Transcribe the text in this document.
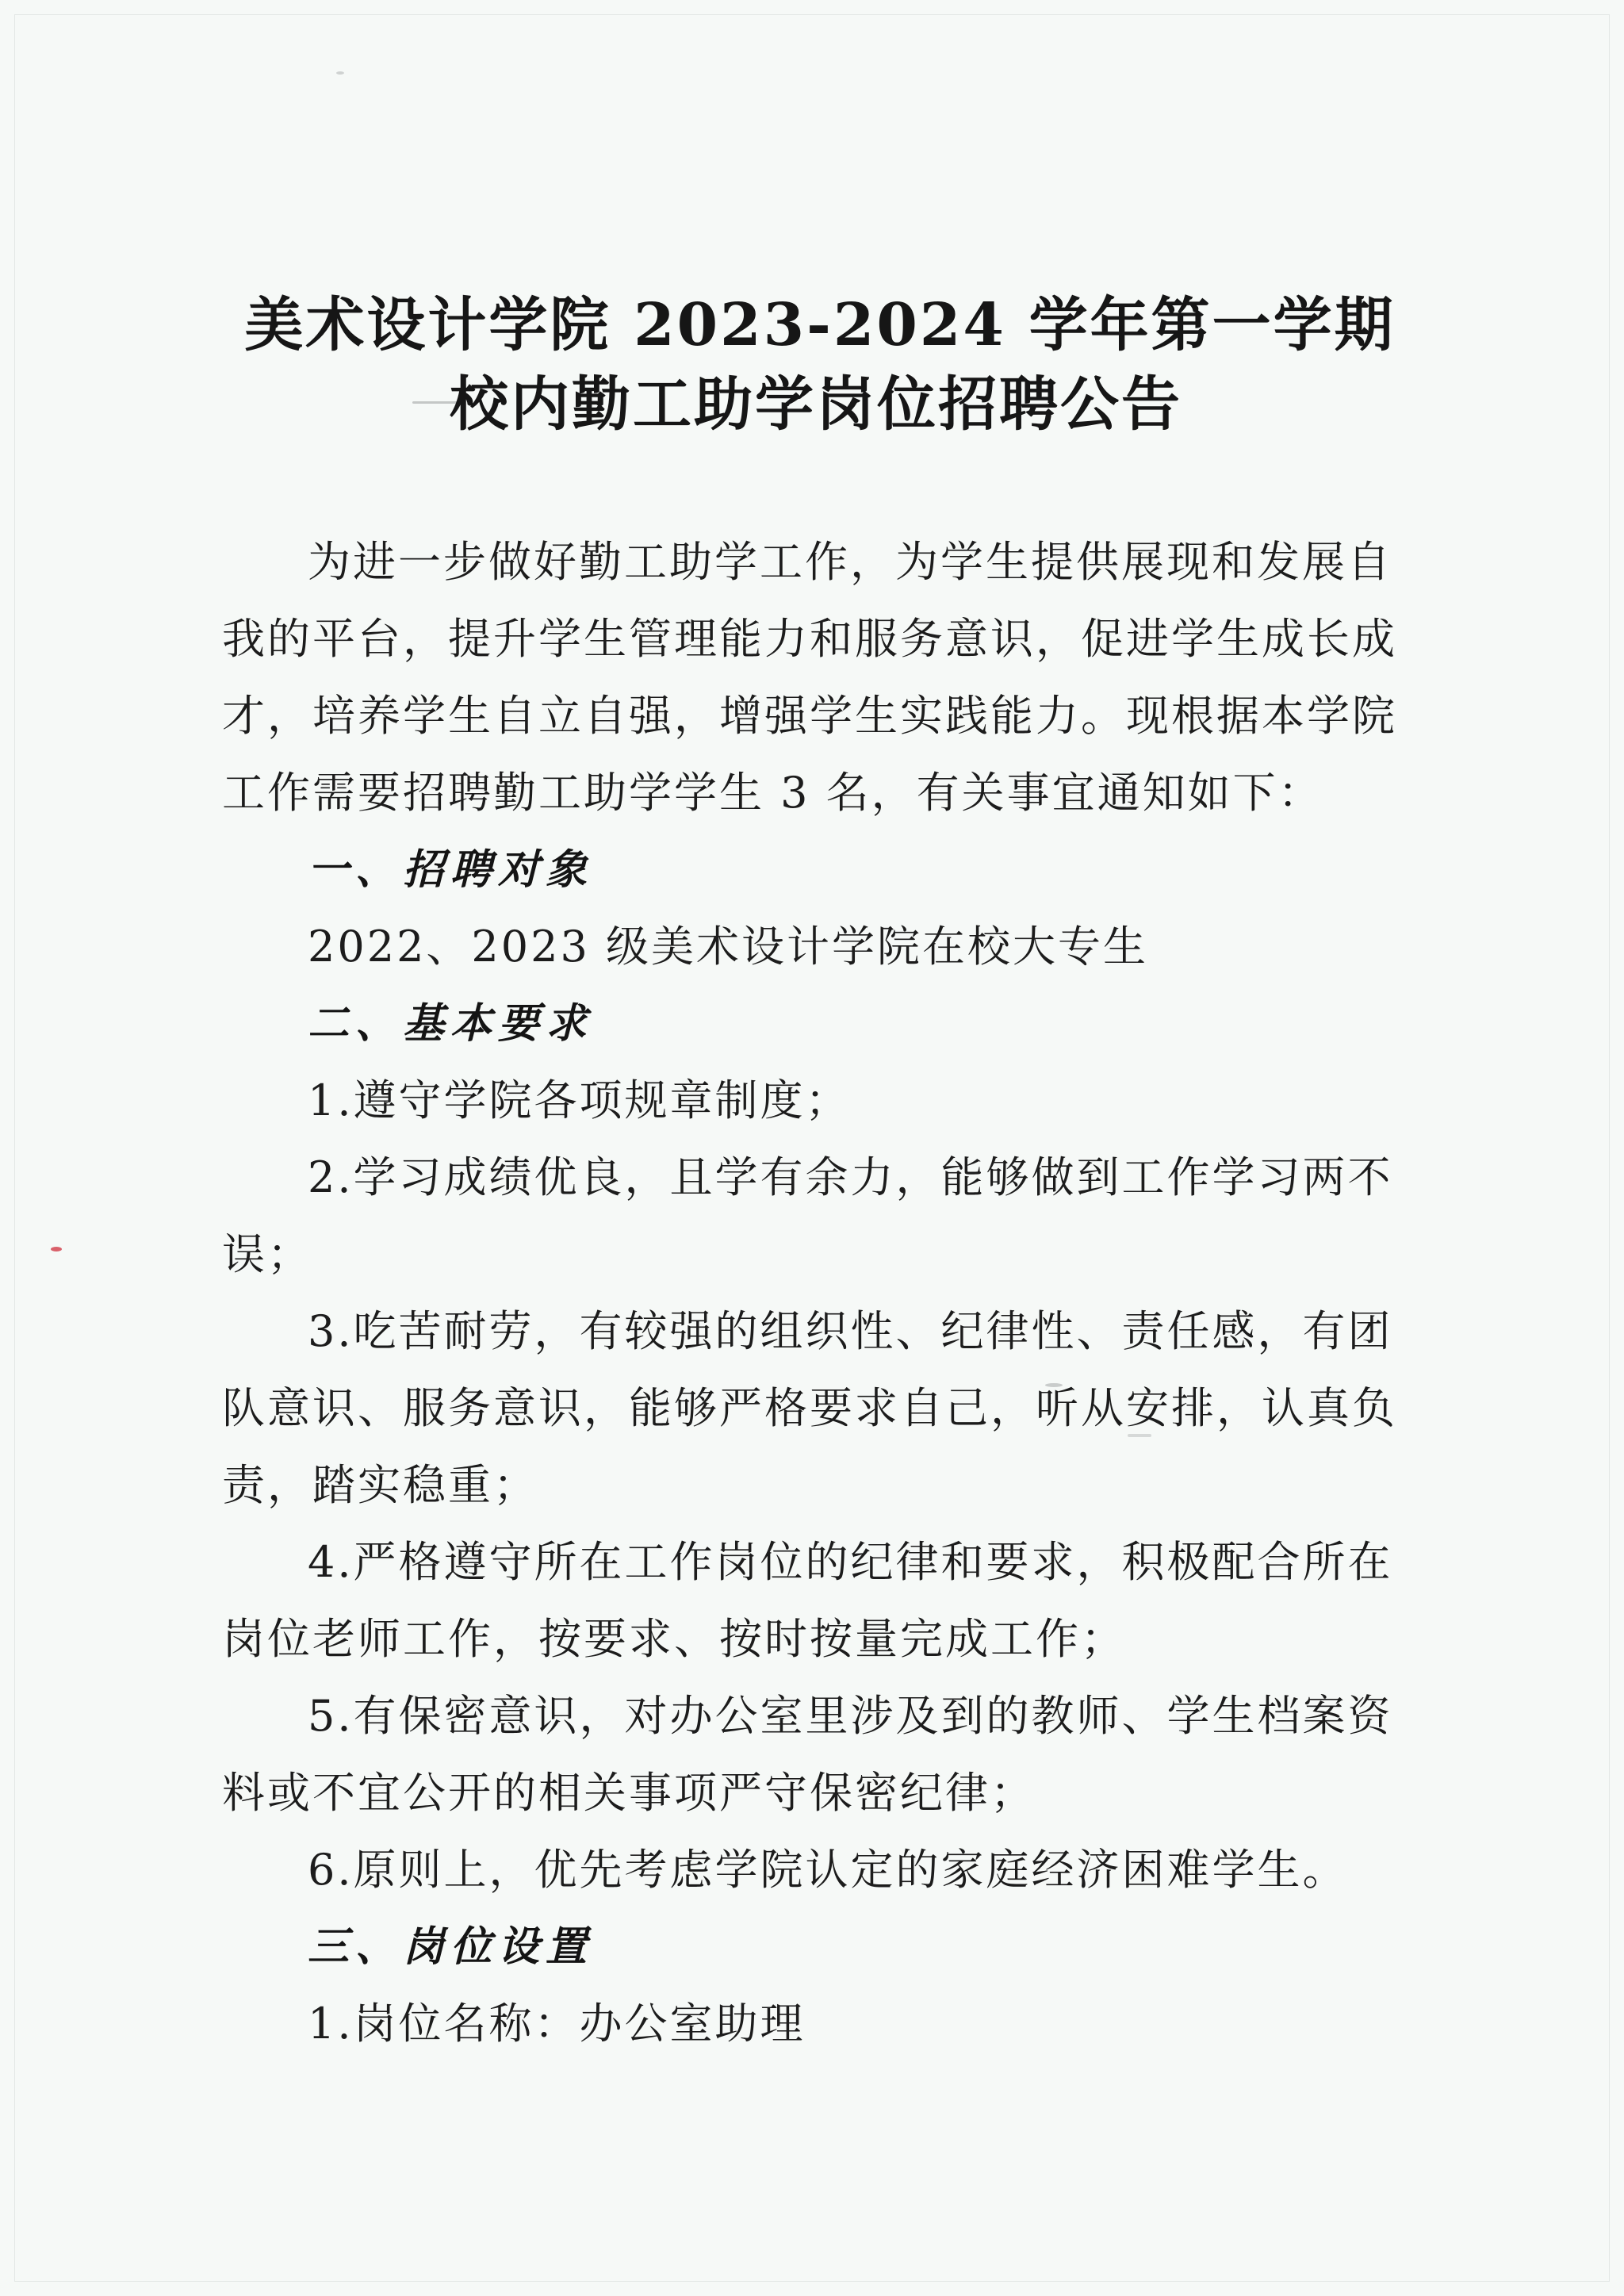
美术设计学院 2023-2024 学年第一学期
校内勤工助学岗位招聘公告

为进一步做好勤工助学工作，为学生提供展现和发展自我的平台，提升学生管理能力和服务意识，促进学生成长成才，培养学生自立自强，增强学生实践能力。现根据本学院工作需要招聘勤工助学学生 3 名，有关事宜通知如下：

一、招聘对象

2022、2023 级美术设计学院在校大专生

二、基本要求

1.遵守学院各项规章制度；

2.学习成绩优良，且学有余力，能够做到工作学习两不误；

3.吃苦耐劳，有较强的组织性、纪律性、责任感，有团队意识、服务意识，能够严格要求自己，听从安排，认真负责，踏实稳重；

4.严格遵守所在工作岗位的纪律和要求，积极配合所在岗位老师工作，按要求、按时按量完成工作；

5.有保密意识，对办公室里涉及到的教师、学生档案资料或不宜公开的相关事项严守保密纪律；

6.原则上，优先考虑学院认定的家庭经济困难学生。

三、岗位设置

1.岗位名称：办公室助理
